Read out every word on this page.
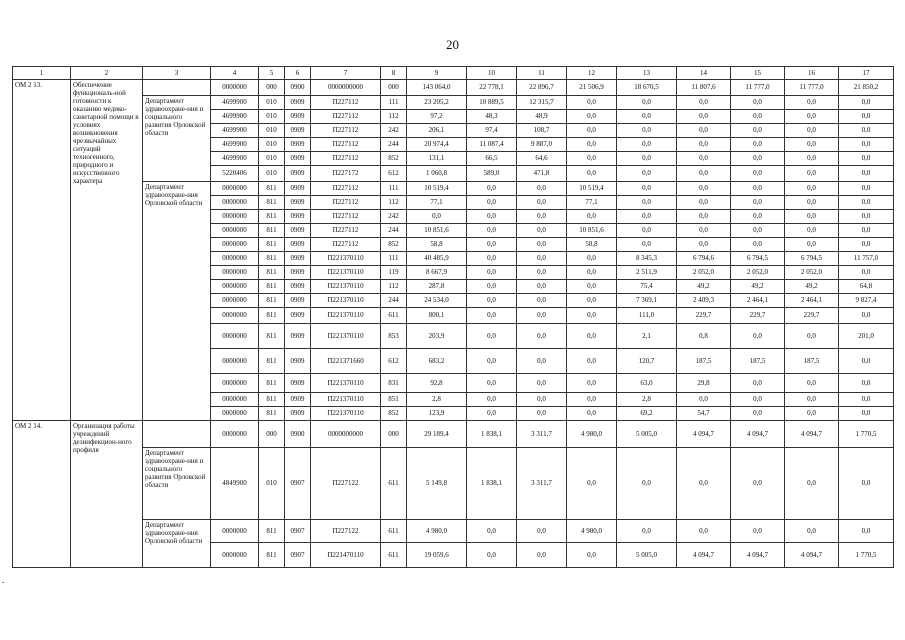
20
.
1	2	3	4	5	6	7	8	9	10	11	12	13	14	15	16	17
ОМ 2 13.	Обеспечение функциональ-ной готовности к оказанию медико-санитарной помощи в условиях возникновения чрезвычайных ситуаций техногенного, природного и искусственного характера		0000000	000	0900	0000000000	000	143 064,0	22 778,1	22 896,7	21 506,9	18 670,5	11 807,6	11 777,0	11 777,0	21 850,2
		Департамент здравоохране-ния и социального развития Орловской области	4699900	010	0909	П227112	111	23 205,2	10 889,5	12 315,7	0,0	0,0	0,0	0,0	0,0	0,0
			4699900	010	0909	П227112	112	97,2	48,3	48,9	0,0	0,0	0,0	0,0	0,0	0,0
			4699900	010	0909	П227112	242	206,1	97,4	108,7	0,0	0,0	0,0	0,0	0,0	0,0
			4699900	010	0909	П227112	244	20 974,4	11 087,4	9 887,0	0,0	0,0	0,0	0,0	0,0	0,0
			4699900	010	0909	П227112	852	131,1	66,5	64,6	0,0	0,0	0,0	0,0	0,0	0,0
			5220406	010	0909	П227172	612	1 060,8	589,0	471,8	0,0	0,0	0,0	0,0	0,0	0,0
		Департамент здравоохране-ния Орловской области	0000000	811	0909	П227112	111	10 519,4	0,0	0,0	10 519,4	0,0	0,0	0,0	0,0	0,0
			0000000	811	0909	П227112	112	77,1	0,0	0,0	77,1	0,0	0,0	0,0	0,0	0,0
			0000000	811	0909	П227112	242	0,0	0,0	0,0	0,0	0,0	0,0	0,0	0,0	0,0
			0000000	811	0909	П227112	244	10 851,6	0,0	0,0	10 851,6	0,0	0,0	0,0	0,0	0,0
			0000000	811	0909	П227112	852	58,8	0,0	0,0	58,8	0,0	0,0	0,0	0,0	0,0
			0000000	811	0909	П221370110	111	40 485,9	0,0	0,0	0,0	8 345,3	6 794,6	6 794,5	6 794,5	11 757,0
			0000000	811	0909	П221370110	119	8 667,9	0,0	0,0	0,0	2 511,9	2 052,0	2 052,0	2 052,0	0,0
			0000000	811	0909	П221370110	112	287,8	0,0	0,0	0,0	75,4	49,2	49,2	49,2	64,8
			0000000	811	0909	П221370110	244	24 534,0	0,0	0,0	0,0	7 369,1	2 409,3	2 464,1	2 464,1	9 827,4
			0000000	811	0909	П221370110	611	800,1	0,0	0,0	0,0	111,0	229,7	229,7	229,7	0,0
			0000000	811	0909	П221370110	853	203,9	0,0	0,0	0,0	2,1	0,8	0,0	0,0	201,0
			0000000	811	0909	П221371660	612	683,2	0,0	0,0	0,0	120,7	187,5	187,5	187,5	0,0
			0000000	811	0909	П221370110	831	92,8	0,0	0,0	0,0	63,0	29,8	0,0	0,0	0,0
			0000000	811	0909	П221370110	851	2,8	0,0	0,0	0,0	2,8	0,0	0,0	0,0	0,0
			0000000	811	0909	П221370110	852	123,9	0,0	0,0	0,0	69,2	54,7	0,0	0,0	0,0
ОМ 2 14.	Организация работы учреждений дезинфекцион-ного профиля		0000000	000	0900	0000000000	000	29 189,4	1 838,1	3 311,7	4 980,0	5 005,0	4 094,7	4 094,7	4 094,7	1 770,5
		Департамент здравоохране-ния и социального развития Орловской области	4849900	010	0907	П227122	611	5 149,8	1 838,1	3 311,7	0,0	0,0	0,0	0,0	0,0	0,0
		Департамент здравоохране-ния Орловской области	0000000	811	0907	П227122	611	4 980,0	0,0	0,0	4 980,0	0,0	0,0	0,0	0,0	0,0
			0000000	811	0907	П221470110	611	19 059,6	0,0	0,0	0,0	5 005,0	4 094,7	4 094,7	4 094,7	1 770,5
